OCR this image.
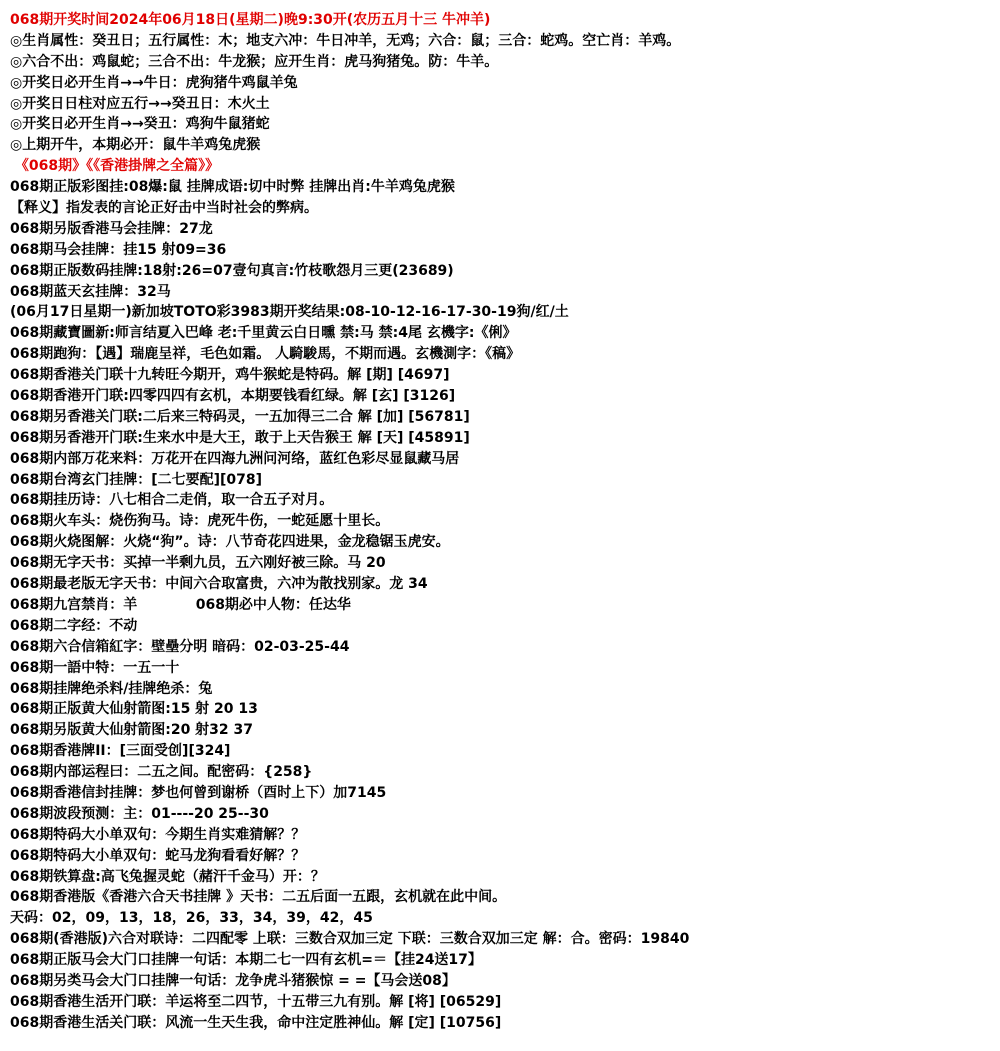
068期开奖时间2024年06月18日(星期二)晚9:30开(农历五月十三 牛冲羊)
◎生肖属性：癸丑日；五行属性：木；地支六冲：牛日冲羊，无鸡；六合：鼠；三合：蛇鸡。空亡肖：羊鸡。
◎六合不出：鸡鼠蛇；三合不出：牛龙猴；应开生肖：虎马狗猪兔。防：牛羊。
◎开奖日必开生肖→→牛日：虎狗猪牛鸡鼠羊兔
◎开奖日日柱对应五行→→癸丑日：木火土
◎开奖日必开生肖→→癸丑：鸡狗牛鼠猪蛇
◎上期开牛，本期必开：鼠牛羊鸡兔虎猴
《068期》《《香港掛牌之全篇》》
068期正版彩图挂:08爆:鼠 挂牌成语:切中时弊 挂牌出肖:牛羊鸡兔虎猴
【释义】指发表的言论正好击中当时社会的弊病。
068期另版香港马会挂牌：27龙
068期马会挂牌：挂15 射09=36
068期正版数码挂牌:18射:26=07壹句真言:竹枝歌怨月三更(23689)
068期蓝天玄挂牌：32马
(06月17日星期一)新加坡TOTO彩3983期开奖结果:08-10-12-16-17-30-19狗/红/土
068期藏寶圖新:师言结夏入巴峰 老:千里黄云白日曛 禁:马 禁:4尾 玄機字:《俐》
068期跑狗：【遇】瑞鹿呈祥，毛色如霜。 人騎駿馬，不期而遇。玄機測字：《稿》
068期香港关门联十九转旺今期开，鸡牛猴蛇是特码。解 [期] [4697]
068期香港开门联:四零四四有玄机，本期要钱看红绿。解 [玄] [3126]
068期另香港关门联:二后来三特码灵，一五加得三二合 解 [加] [56781]
068期另香港开门联:生来水中是大王，敢于上天告猴王 解 [天] [45891]
068期内部万花来料：万花开在四海九洲问河络，蓝红色彩尽显鼠藏马居
068期台湾玄门挂牌：[二七要配][078]
068期挂历诗：八七相合二走俏，取一合五子对月。
068期火车头：烧伤狗马。诗：虎死牛伤，一蛇延愿十里长。
068期火烧图解：火烧“狗”。诗：八节奇花四进果，金龙稳锯玉虎安。
068期无字天书：买掉一半剩九员，五六刚好被三除。马 20
068期最老版无字天书：中间六合取富贵，六冲为散找别家。龙 34
068期九宫禁肖：羊            068期必中人物：任达华
068期二字经：不动
068期六合信箱紅字：壁壘分明 暗码：02-03-25-44
068期一語中特：一五一十
068期挂牌绝杀料/挂牌绝杀：兔
068期正版黄大仙射箭图:15 射 20 13
068期另版黄大仙射箭图:20 射32 37
068期香港牌II：[三面受创][324]
068期内部运程曰：二五之间。配密码：{258}
068期香港信封挂牌：梦也何曾到谢桥（酉时上下）加7145
068期波段预测：主：01----20 25--30
068期特码大小单双句：今期生肖实难猜解？？
068期特码大小单双句：蛇马龙狗看看好解？？
068期铁算盘:高飞兔握灵蛇（赭汗千金马）开：？
068期香港版《香港六合天书挂牌 》天书：二五后面一五跟，玄机就在此中间。
天码：02，09，13，18，26，33，34，39，42，45
068期(香港版)六合对联诗：二四配零 上联：三数合双加三定 下联：三数合双加三定 解：合。密码：19840
068期正版马会大门口挂牌一句话：本期二七一四有玄机=＝【挂24送17】
068期另类马会大门口挂牌一句话：龙争虎斗猪猴惊 = =【马会送08】
068期香港生活开门联：羊运将至二四节，十五带三九有别。解 [将] [06529]
068期香港生活关门联：风流一生天生我，命中注定胜神仙。解 [定] [10756]
